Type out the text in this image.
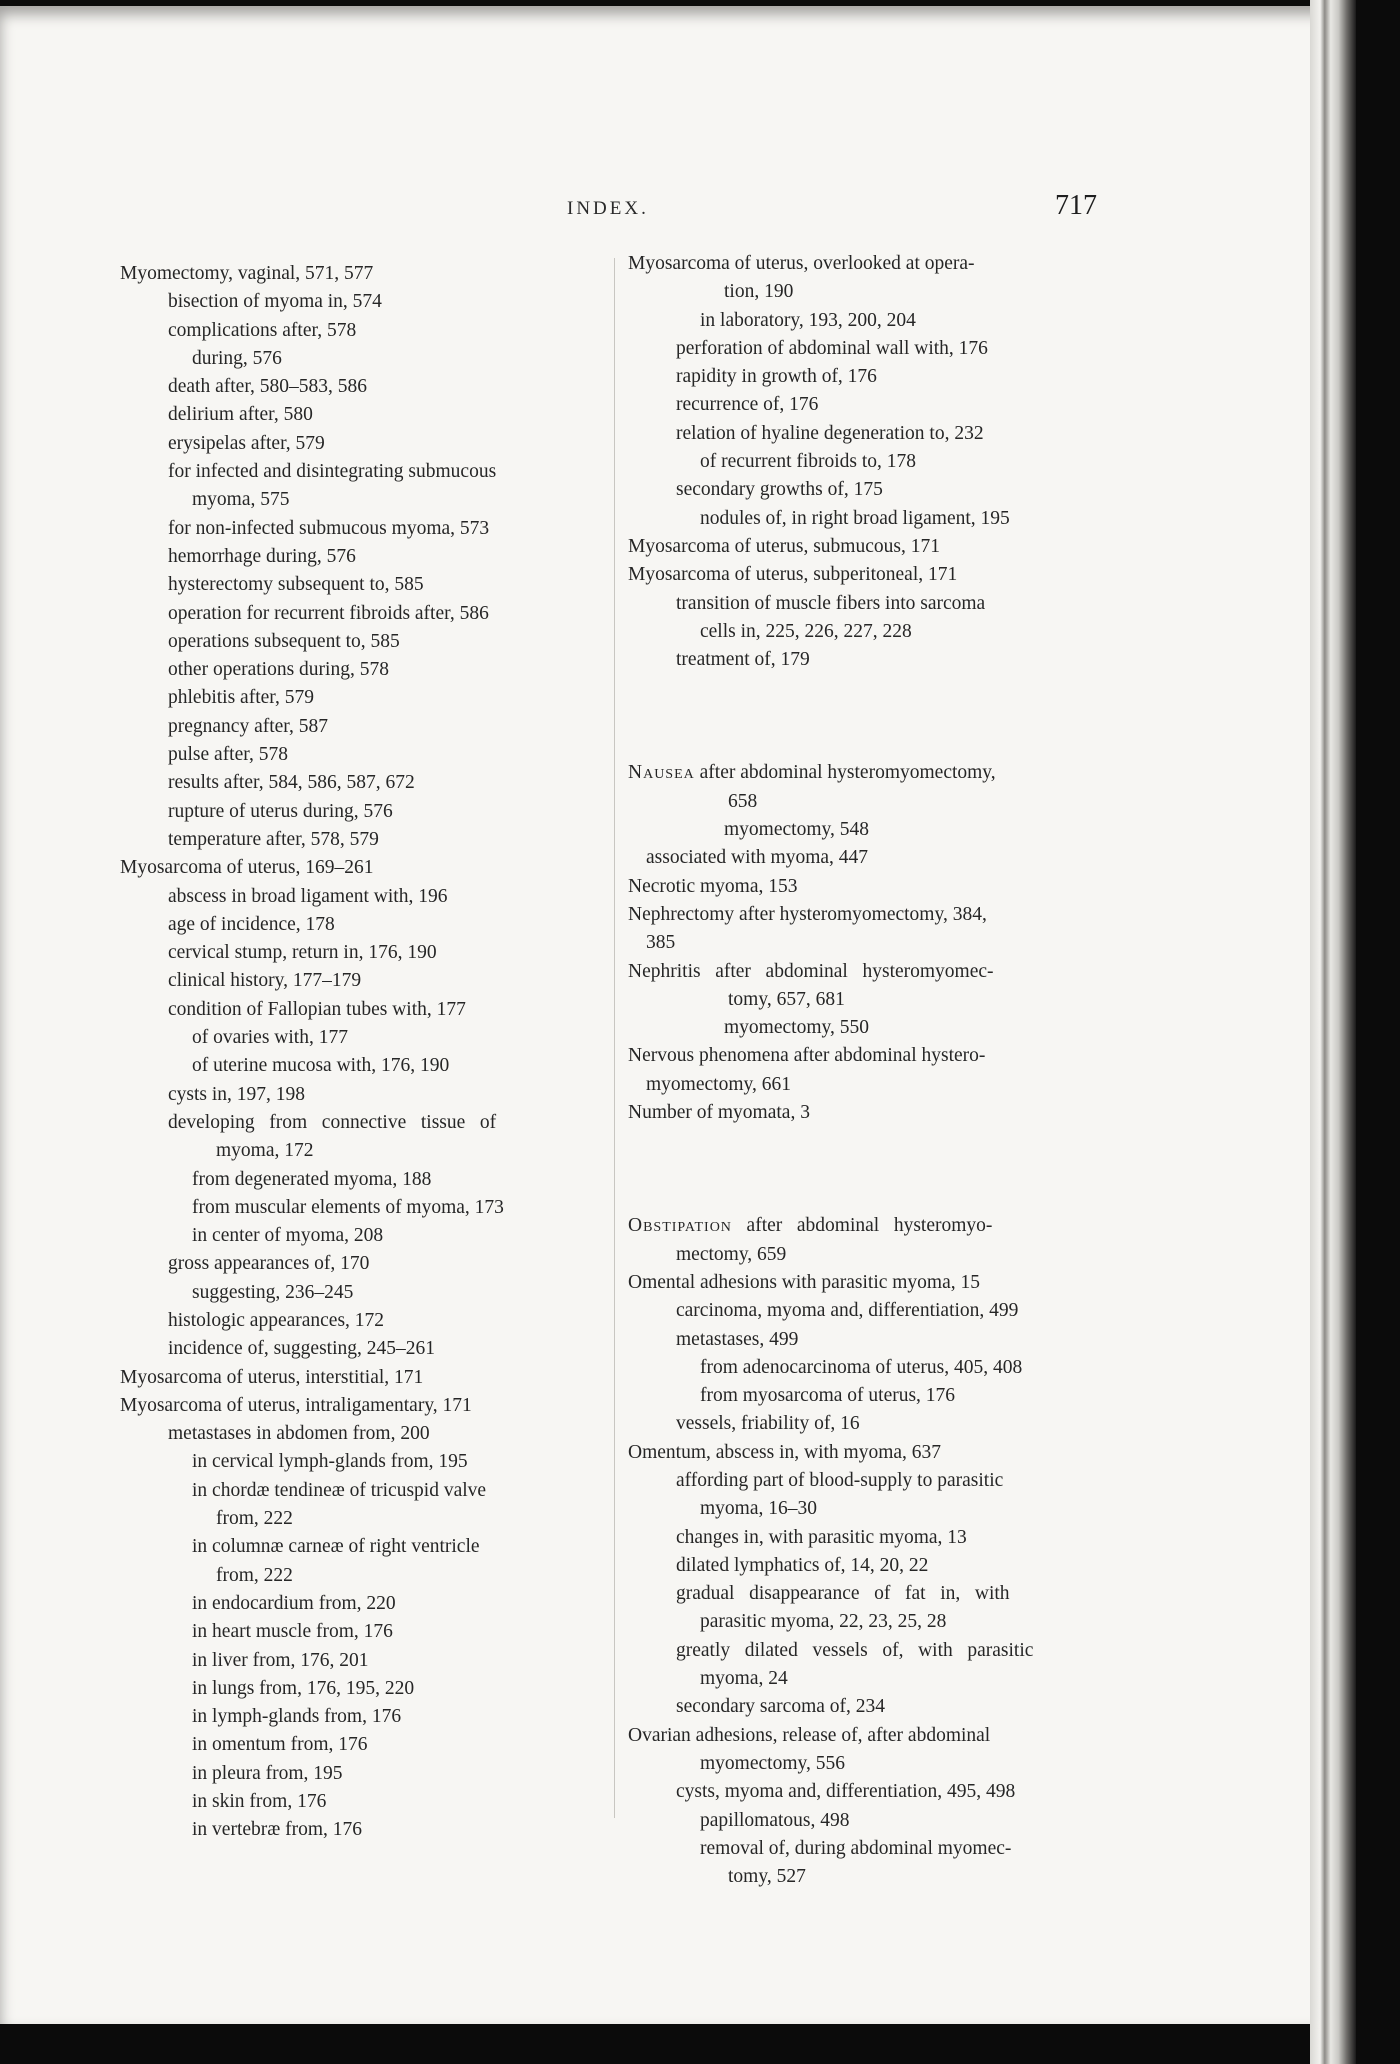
INDEX.	717
Myomectomy, vaginal, 571, 577
bisection of myoma in, 574
complications after, 578
during, 576
death after, 580–583, 586
delirium after, 580
erysipelas after, 579
for infected and disintegrating submucous
myoma, 575
for non-infected submucous myoma, 573
hemorrhage during, 576
hysterectomy subsequent to, 585
operation for recurrent fibroids after, 586
operations subsequent to, 585
other operations during, 578
phlebitis after, 579
pregnancy after, 587
pulse after, 578
results after, 584, 586, 587, 672
rupture of uterus during, 576
temperature after, 578, 579
Myosarcoma of uterus, 169–261
abscess in broad ligament with, 196
age of incidence, 178
cervical stump, return in, 176, 190
clinical history, 177–179
condition of Fallopian tubes with, 177
of ovaries with, 177
of uterine mucosa with, 176, 190
cysts in, 197, 198
developing   from   connective   tissue   of
myoma, 172
from degenerated myoma, 188
from muscular elements of myoma, 173
in center of myoma, 208
gross appearances of, 170
suggesting, 236–245
histologic appearances, 172
incidence of, suggesting, 245–261
Myosarcoma of uterus, interstitial, 171
Myosarcoma of uterus, intraligamentary, 171
metastases in abdomen from, 200
in cervical lymph-glands from, 195
in chordæ tendineæ of tricuspid valve
from, 222
in columnæ carneæ of right ventricle
from, 222
in endocardium from, 220
in heart muscle from, 176
in liver from, 176, 201
in lungs from, 176, 195, 220
in lymph-glands from, 176
in omentum from, 176
in pleura from, 195
in skin from, 176
in vertebræ from, 176
Myosarcoma of uterus, overlooked at opera-
tion, 190
in laboratory, 193, 200, 204
perforation of abdominal wall with, 176
rapidity in growth of, 176
recurrence of, 176
relation of hyaline degeneration to, 232
of recurrent fibroids to, 178
secondary growths of, 175
nodules of, in right broad ligament, 195
Myosarcoma of uterus, submucous, 171
Myosarcoma of uterus, subperitoneal, 171
transition of muscle fibers into sarcoma
cells in, 225, 226, 227, 228
treatment of, 179
Nausea after abdominal hysteromyomectomy,
658
myomectomy, 548
associated with myoma, 447
Necrotic myoma, 153
Nephrectomy after hysteromyomectomy, 384,
385
Nephritis   after   abdominal   hysteromyomec-
tomy, 657, 681
myomectomy, 550
Nervous phenomena after abdominal hystero-
myomectomy, 661
Number of myomata, 3
Obstipation   after   abdominal   hysteromyo-
mectomy, 659
Omental adhesions with parasitic myoma, 15
carcinoma, myoma and, differentiation, 499
metastases, 499
from adenocarcinoma of uterus, 405, 408
from myosarcoma of uterus, 176
vessels, friability of, 16
Omentum, abscess in, with myoma, 637
affording part of blood-supply to parasitic
myoma, 16–30
changes in, with parasitic myoma, 13
dilated lymphatics of, 14, 20, 22
gradual   disappearance   of   fat   in,   with
parasitic myoma, 22, 23, 25, 28
greatly   dilated   vessels   of,   with   parasitic
myoma, 24
secondary sarcoma of, 234
Ovarian adhesions, release of, after abdominal
myomectomy, 556
cysts, myoma and, differentiation, 495, 498
papillomatous, 498
removal of, during abdominal myomec-
tomy, 527
